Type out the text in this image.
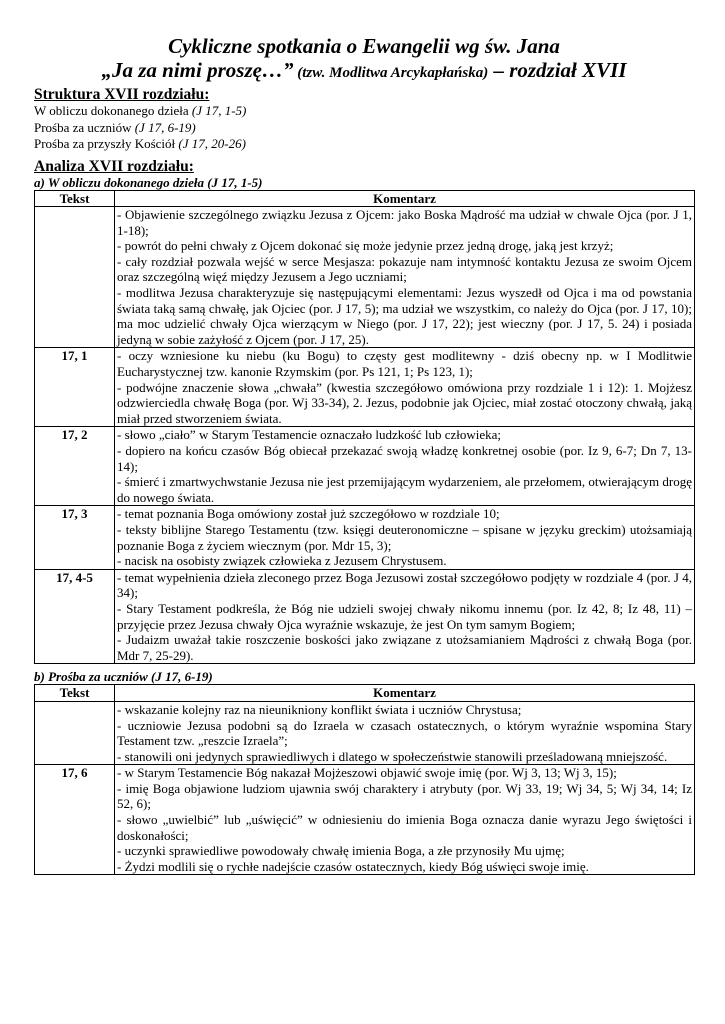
Cykliczne spotkania o Ewangelii wg św. Jana
„Ja za nimi proszę…” (tzw. Modlitwa Arcykapłańska) – rozdział XVII
Struktura XVII rozdziału:
W obliczu dokonanego dzieła (J 17, 1-5)
Prośba za uczniów (J 17, 6-19)
Prośba za przyszły Kościół (J 17, 20-26)
Analiza XVII rozdziału:
a) W obliczu dokonanego dzieła (J 17, 1-5)
Tekst	Komentarz

	- Objawienie szczególnego związku Jezusa z Ojcem: jako Boska Mądrość ma udział w chwale Ojca (por. J 1, 1-18);
- powrót do pełni chwały z Ojcem dokonać się może jedynie przez jedną drogę, jaką jest krzyż;
- cały rozdział pozwala wejść w serce Mesjasza: pokazuje nam intymność kontaktu Jezusa ze swoim Ojcem oraz szczególną więź między Jezusem a Jego uczniami;
- modlitwa Jezusa charakteryzuje się następującymi elementami: Jezus wyszedł od Ojca i ma od powstania świata taką samą chwałę, jak Ojciec (por. J 17, 5); ma udział we wszystkim, co należy do Ojca (por. J 17, 10); ma moc udzielić chwały Ojca wierzącym w Niego (por. J 17, 22); jest wieczny (por. J 17, 5. 24) i posiada jedyną w sobie zażyłość z Ojcem (por. J 17, 25).

17, 1	- oczy wzniesione ku niebu (ku Bogu) to częsty gest modlitewny - dziś obecny np. w I Modlitwie Eucharystycznej tzw. kanonie Rzymskim (por. Ps 121, 1; Ps 123, 1);
- podwójne znaczenie słowa „chwała” (kwestia szczegółowo omówiona przy rozdziale 1 i 12): 1. Mojżesz odzwierciedla chwałę Boga (por. Wj 33-34), 2. Jezus, podobnie jak Ojciec, miał zostać otoczony chwałą, jaką miał przed stworzeniem świata.

17, 2	- słowo „ciało” w Starym Testamencie oznaczało ludzkość lub człowieka;
- dopiero na końcu czasów Bóg obiecał przekazać swoją władzę konkretnej osobie (por. Iz 9, 6-7; Dn 7, 13-14);
- śmierć i zmartwychwstanie Jezusa nie jest przemijającym wydarzeniem, ale przełomem, otwierającym drogę do nowego świata.

17, 3	- temat poznania Boga omówiony został już szczegółowo w rozdziale 10;
- teksty biblijne Starego Testamentu (tzw. księgi deuteronomiczne – spisane w języku greckim) utożsamiają poznanie Boga z życiem wiecznym (por. Mdr 15, 3);
- nacisk na osobisty związek człowieka z Jezusem Chrystusem.

17, 4-5	- temat wypełnienia dzieła zleconego przez Boga Jezusowi został szczegółowo podjęty w rozdziale 4 (por. J 4, 34);
- Stary Testament podkreśla, że Bóg nie udzieli swojej chwały nikomu innemu (por. Iz 42, 8; Iz 48, 11) – przyjęcie przez Jezusa chwały Ojca wyraźnie wskazuje, że jest On tym samym Bogiem;
- Judaizm uważał takie roszczenie boskości jako związane z utożsamianiem Mądrości z chwałą Boga (por. Mdr 7, 25-29).
b) Prośba za uczniów (J 17, 6-19)
Tekst	Komentarz

	- wskazanie kolejny raz na nieunikniony konflikt świata i uczniów Chrystusa;
- uczniowie Jezusa podobni są do Izraela w czasach ostatecznych, o którym wyraźnie wspomina Stary Testament tzw. „reszcie Izraela”;
- stanowili oni jedynych sprawiedliwych i dlatego w społeczeństwie stanowili prześladowaną mniejszość.

17, 6	- w Starym Testamencie Bóg nakazał Mojżeszowi objawić swoje imię (por. Wj 3, 13; Wj 3, 15);
- imię Boga objawione ludziom ujawnia swój charaktery i atrybuty (por. Wj 33, 19; Wj 34, 5; Wj 34, 14; Iz 52, 6);
- słowo „uwielbić” lub „uświęcić” w odniesieniu do imienia Boga oznacza danie wyrazu Jego świętości i doskonałości;
- uczynki sprawiedliwe powodowały chwałę imienia Boga, a złe przynosiły Mu ujmę;
- Żydzi modlili się o rychłe nadejście czasów ostatecznych, kiedy Bóg uświęci swoje imię.
